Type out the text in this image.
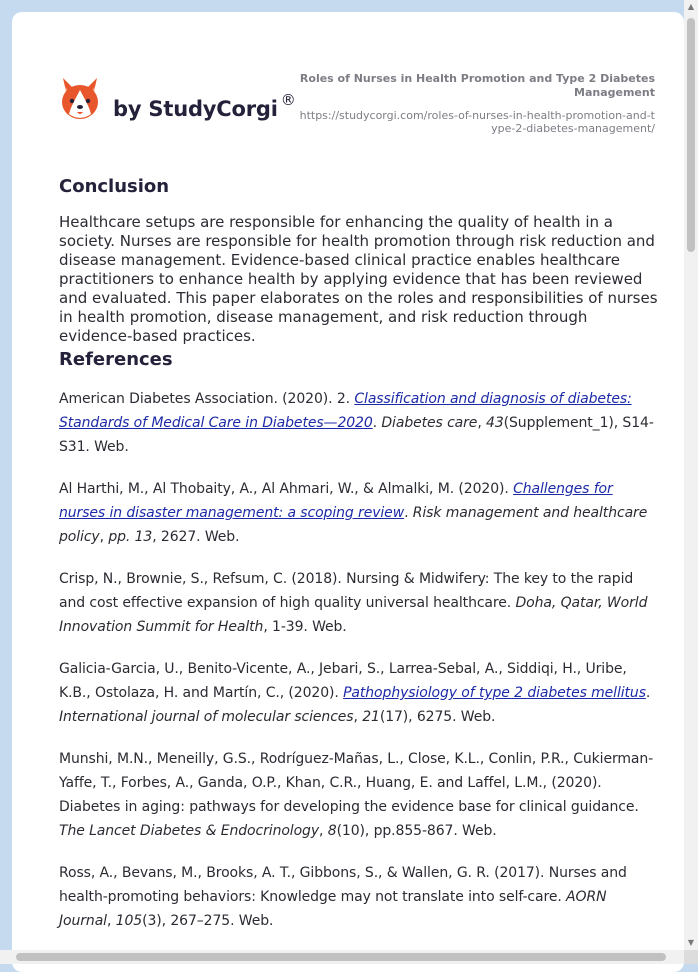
by StudyCorgi ®
Roles of Nurses in Health Promotion and Type 2 Diabetes Management
https://studycorgi.com/roles-of-nurses-in-health-promotion-and-type-2-diabetes-management/
Conclusion

Healthcare setups are responsible for enhancing the quality of health in a society. Nurses are responsible for health promotion through risk reduction and disease management. Evidence-based clinical practice enables healthcare practitioners to enhance health by applying evidence that has been reviewed and evaluated. This paper elaborates on the roles and responsibilities of nurses in health promotion, disease management, and risk reduction through evidence-based practices.

References

American Diabetes Association. (2020). 2. Classification and diagnosis of diabetes: Standards of Medical Care in Diabetes—2020. Diabetes care, 43(Supplement_1), S14-S31. Web.

Al Harthi, M., Al Thobaity, A., Al Ahmari, W., & Almalki, M. (2020). Challenges for nurses in disaster management: a scoping review. Risk management and healthcare policy, pp. 13, 2627. Web.

Crisp, N., Brownie, S., Refsum, C. (2018). Nursing & Midwifery: The key to the rapid and cost effective expansion of high quality universal healthcare. Doha, Qatar, World Innovation Summit for Health, 1-39. Web.

Galicia-Garcia, U., Benito-Vicente, A., Jebari, S., Larrea-Sebal, A., Siddiqi, H., Uribe, K.B., Ostolaza, H. and Martín, C., (2020). Pathophysiology of type 2 diabetes mellitus. International journal of molecular sciences, 21(17), 6275. Web.

Munshi, M.N., Meneilly, G.S., Rodríguez-Mañas, L., Close, K.L., Conlin, P.R., Cukierman-Yaffe, T., Forbes, A., Ganda, O.P., Khan, C.R., Huang, E. and Laffel, L.M., (2020). Diabetes in aging: pathways for developing the evidence base for clinical guidance. The Lancet Diabetes & Endocrinology, 8(10), pp.855-867. Web.

Ross, A., Bevans, M., Brooks, A. T., Gibbons, S., & Wallen, G. R. (2017). Nurses and health-promoting behaviors: Knowledge may not translate into self-care. AORN Journal, 105(3), 267–275. Web.

▲
▼
